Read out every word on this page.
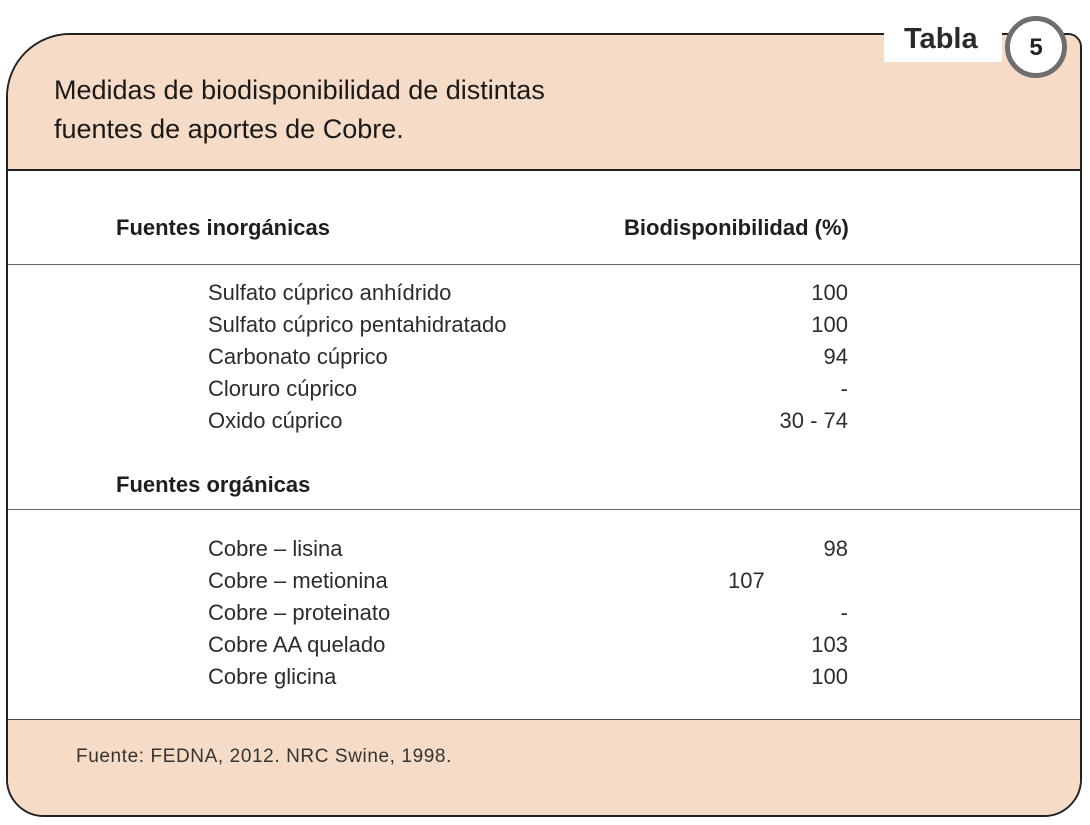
Medidas de biodisponibilidad de distintas
fuentes de aportes de Cobre.
Fuentes inorgánicas	Biodisponibilidad (%)
Sulfato cúprico anhídrido	100
Sulfato cúprico pentahidratado	100
Carbonato cúprico	94
Cloruro cúprico	-
Oxido cúprico	30 - 74
Fuentes orgánicas
Cobre – lisina	98
Cobre – metionina	107
Cobre – proteinato	-
Cobre AA quelado	103
Cobre glicina	100
Fuente: FEDNA, 2012. NRC Swine, 1998.
Tabla	5
